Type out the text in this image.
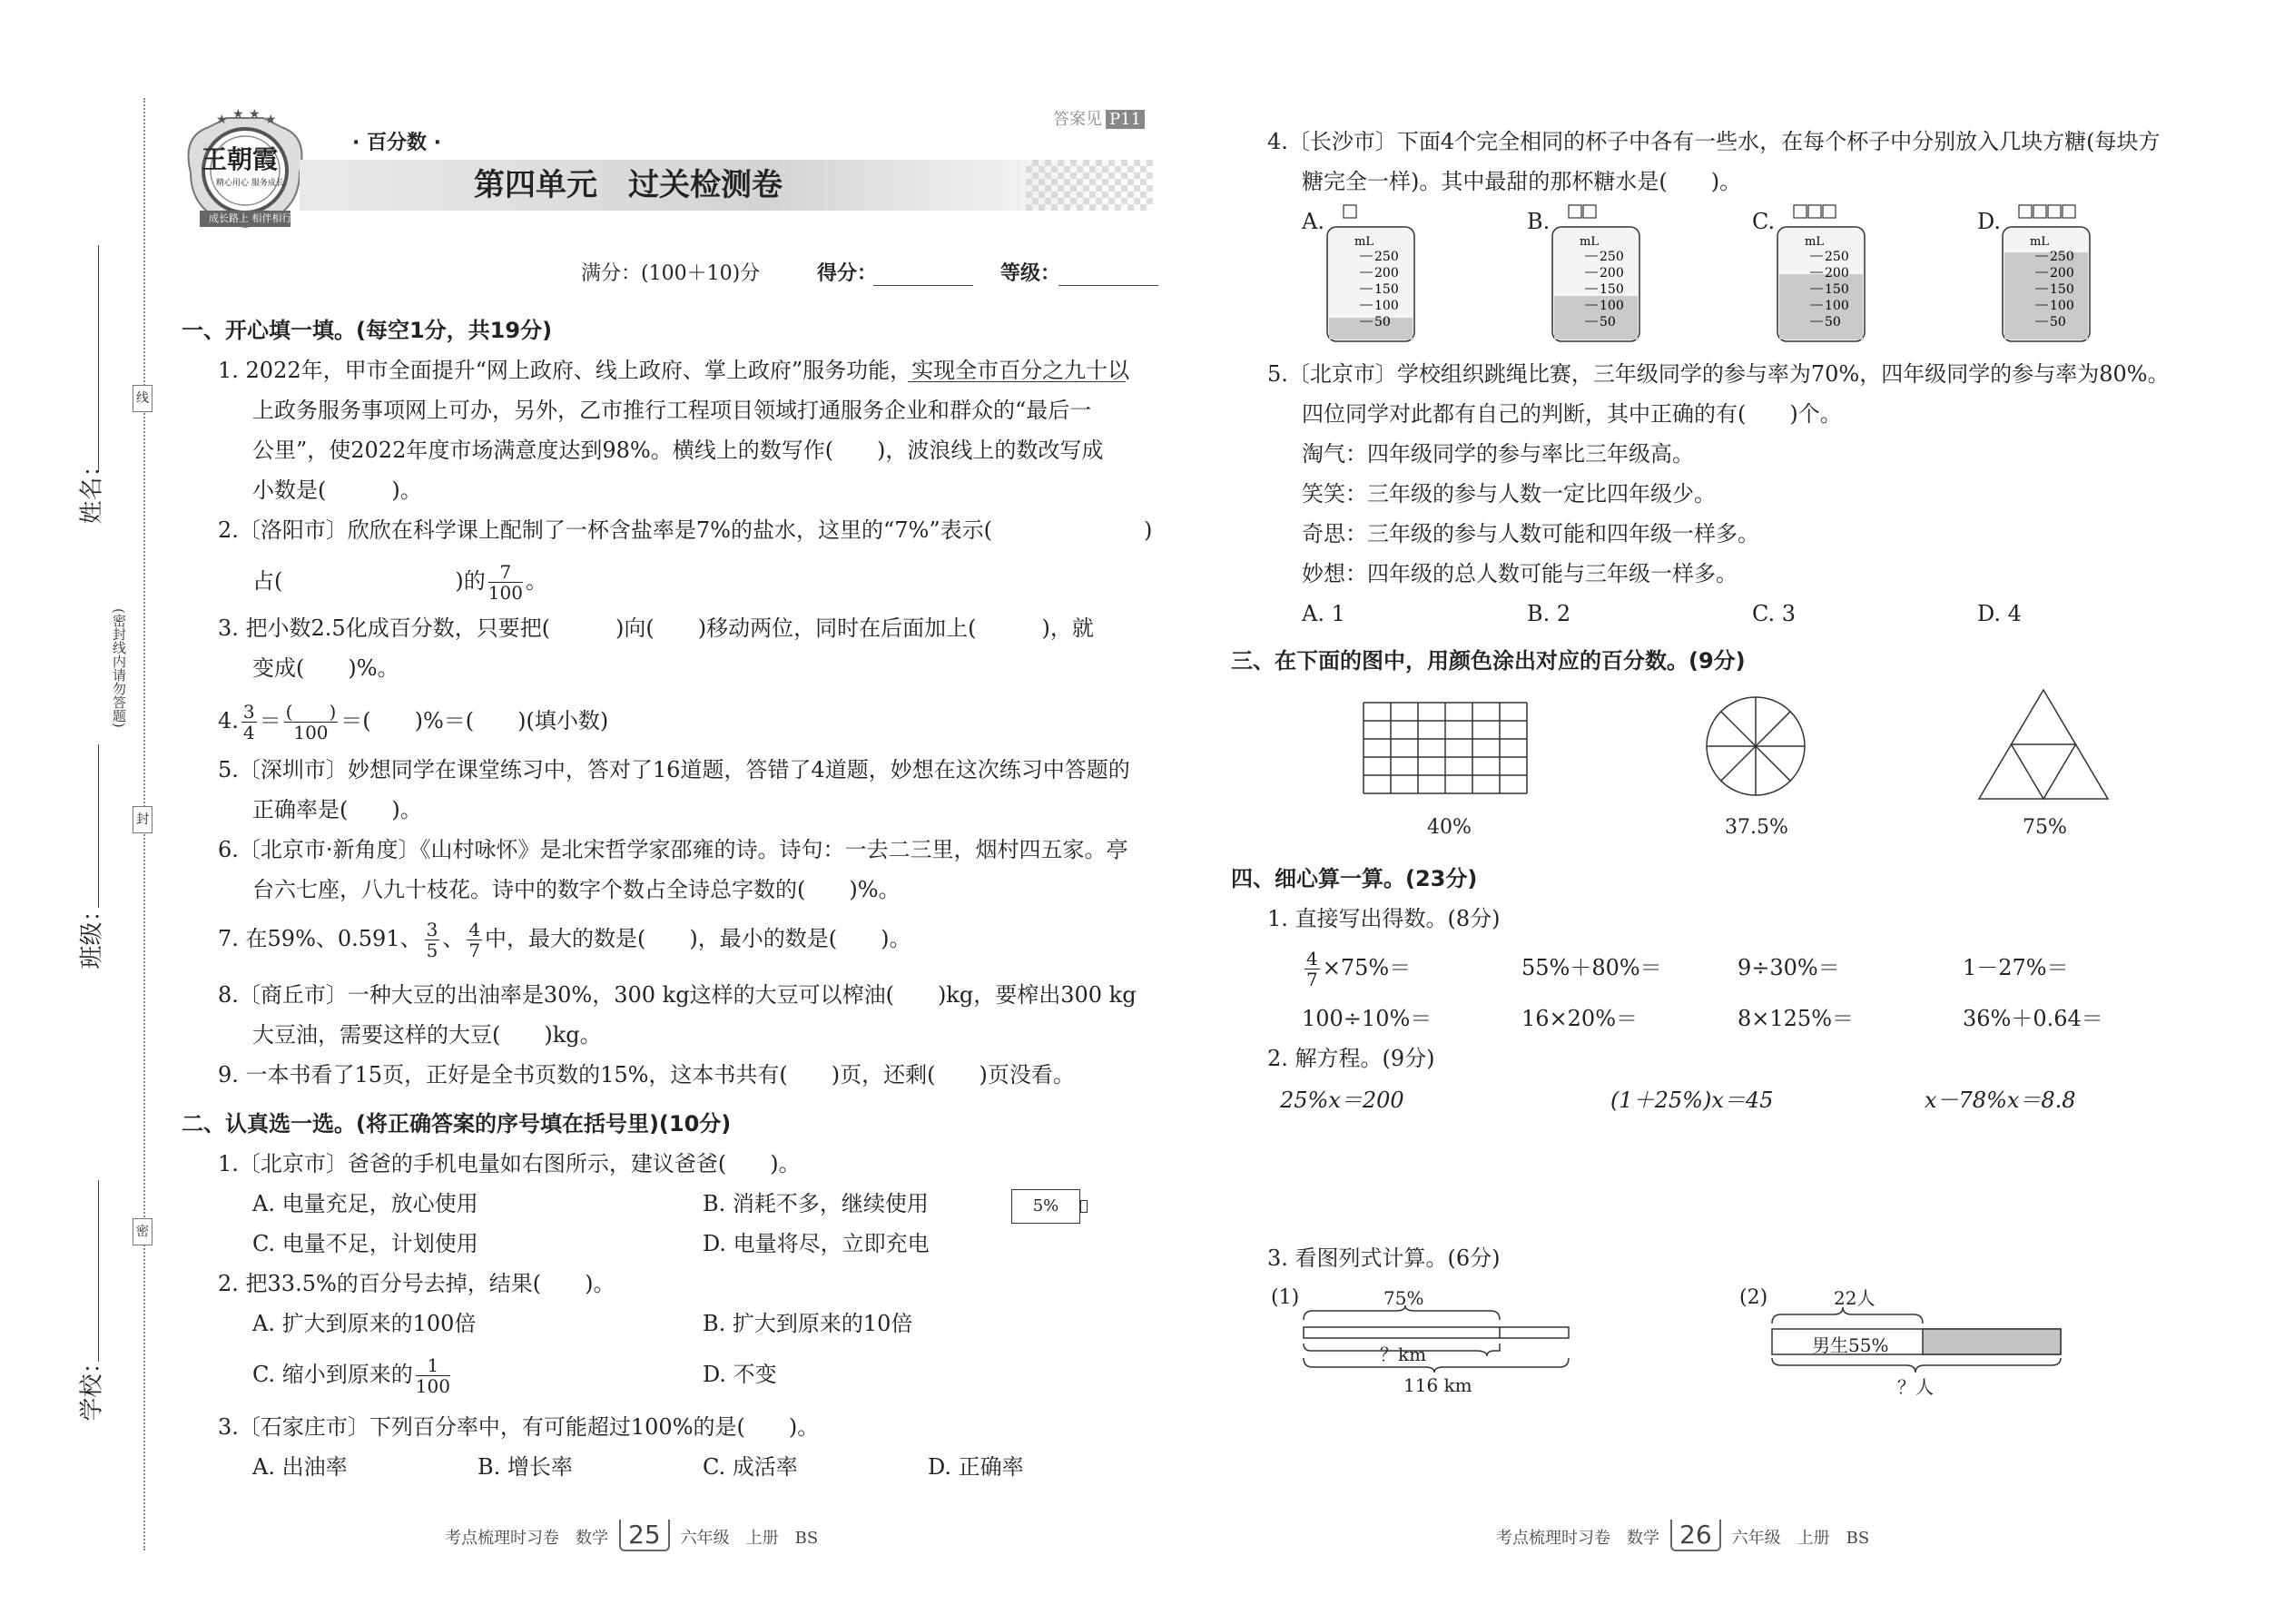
姓名：
班级：
学校：
(密封线内请勿答题)
线
封
密
★ ★ ★ ★
王朝霞
精心用心 服务成长
成长路上 相伴相行
· 百分数 ·
第四单元　过关检测卷
答案见 P11
满分：(100＋10)分	得分：	等级：
一、开心填一填。(每空1分，共19分)
1. 2022年，甲市全面提升“网上政府、线上政府、掌上政府”服务功能，实现全市百分之九十以
上政务服务事项网上可办，另外，乙市推行工程项目领域打通服务企业和群众的“最后一
公里”，使2022年度市场满意度达到98%。横线上的数写作(　　)，波浪线上的数改写成
小数是(　　　)。
2.〔洛阳市〕欣欣在科学课上配制了一杯含盐率是7%的盐水，这里的“7%”表示(	)
占(	)的 $\frac{7}{100}$ 。
3. 把小数2.5化成百分数，只要把(　　　)向(　　)移动两位，同时在后面加上(　　　)，就
变成(　　)%。
4. $\frac{3}{4} = \frac{( )}{100}$ ＝(　　)%＝(　　)(填小数)
5.〔深圳市〕妙想同学在课堂练习中，答对了16道题，答错了4道题，妙想在这次练习中答题的
正确率是(　　)。
6.〔北京市·新角度〕《山村咏怀》是北宋哲学家邵雍的诗。诗句：一去二三里，烟村四五家。亭
台六七座，八九十枝花。诗中的数字个数占全诗总字数的(　　)%。
7. 在59%、0.591、 $\frac{3}{5}$ 、 $\frac{4}{7}$ 中，最大的数是(　　)，最小的数是(　　)。
8.〔商丘市〕一种大豆的出油率是30%，300 kg这样的大豆可以榨油(　　)kg，要榨出300 kg
大豆油，需要这样的大豆(　　)kg。
9. 一本书看了15页，正好是全书页数的15%，这本书共有(　　)页，还剩(　　)页没看。
二、认真选一选。(将正确答案的序号填在括号里)(10分)
1.〔北京市〕爸爸的手机电量如右图所示，建议爸爸(　　)。
A. 电量充足，放心使用	B. 消耗不多，继续使用
C. 电量不足，计划使用	D. 电量将尽，立即充电
5%
2. 把33.5%的百分号去掉，结果(　　)。
A. 扩大到原来的100倍	B. 扩大到原来的10倍
C. 缩小到原来的 $\frac{1}{100}$	D. 不变
3.〔石家庄市〕下列百分率中，有可能超过100%的是(　　)。
A. 出油率	B. 增长率	C. 成活率	D. 正确率
考点梳理时习卷　数学 25 六年级　上册　BS
4.〔长沙市〕下面4个完全相同的杯子中各有一些水，在每个杯子中分别放入几块方糖(每块方
糖完全一样)。其中最甜的那杯糖水是(　　)。
A.	B.	C.	D.
mL
250
200
150
100
50
mL
250
200
150
100
50
mL
250
200
150
100
50
mL
250
200
150
100
50
5.〔北京市〕学校组织跳绳比赛，三年级同学的参与率为70%，四年级同学的参与率为80%。
四位同学对此都有自己的判断，其中正确的有(　　)个。
淘气：四年级同学的参与率比三年级高。
笑笑：三年级的参与人数一定比四年级少。
奇思：三年级的参与人数可能和四年级一样多。
妙想：四年级的总人数可能与三年级一样多。
A. 1	B. 2	C. 3	D. 4
三、在下面的图中，用颜色涂出对应的百分数。(9分)
40%	37.5%	75%
四、细心算一算。(23分)
1. 直接写出得数。(8分)
$\frac{4}{7} \times 75\%=$	55%＋80%＝	9÷30%＝	1－27%＝
100÷10%＝	16×20%＝	8×125%＝	36%＋0.64＝
2. 解方程。(9分)
25%x＝200	(1＋25%)x＝45	x－78%x＝8.8
3. 看图列式计算。(6分)
(1)	75%
？km
116 km
(2)	22人
男生55%
？人
考点梳理时习卷　数学 26 六年级　上册　BS
